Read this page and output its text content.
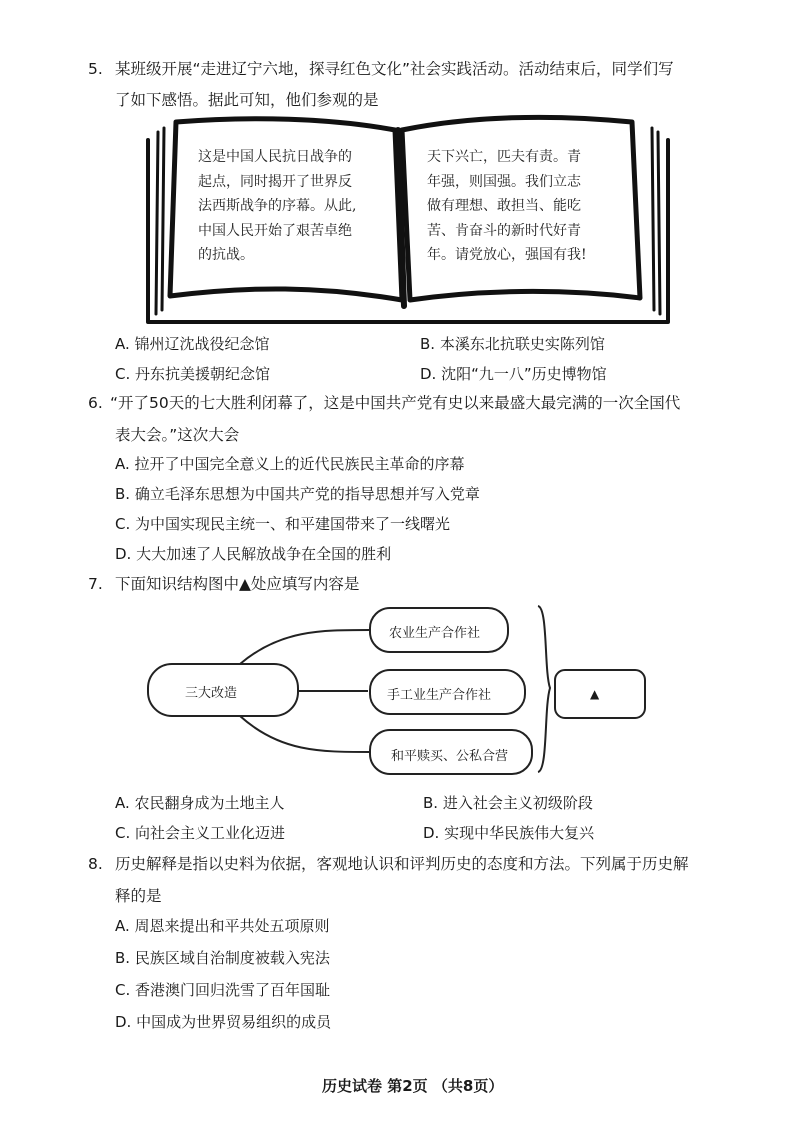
5. 某班级开展“走进辽宁六地，探寻红色文化”社会实践活动。活动结束后，同学们写
了如下感悟。据此可知，他们参观的是
这是中国人民抗日战争的
起点，同时揭开了世界反
法西斯战争的序幕。从此,
中国人民开始了艰苦卓绝
的抗战。
天下兴亡，匹夫有责。青
年强，则国强。我们立志
做有理想、敢担当、能吃
苦、肯奋斗的新时代好青
年。请党放心，强国有我!
A. 锦州辽沈战役纪念馆	B. 本溪东北抗联史实陈列馆
C. 丹东抗美援朝纪念馆	D. 沈阳“九一八”历史博物馆
6. “开了50天的七大胜利闭幕了，这是中国共产党有史以来最盛大最完满的一次全国代
表大会。”这次大会
A. 拉开了中国完全意义上的近代民族民主革命的序幕
B. 确立毛泽东思想为中国共产党的指导思想并写入党章
C. 为中国实现民主统一、和平建国带来了一线曙光
D. 大大加速了人民解放战争在全国的胜利
7. 下面知识结构图中▲处应填写内容是
三大改造
农业生产合作社
手工业生产合作社
和平赎买、公私合营
▲
A. 农民翻身成为土地主人	B. 进入社会主义初级阶段
C. 向社会主义工业化迈进	D. 实现中华民族伟大复兴
8. 历史解释是指以史料为依据，客观地认识和评判历史的态度和方法。下列属于历史解
释的是
A. 周恩来提出和平共处五项原则
B. 民族区域自治制度被载入宪法
C. 香港澳门回归洗雪了百年国耻
D. 中国成为世界贸易组织的成员
历史试卷 第2页 （共8页）
